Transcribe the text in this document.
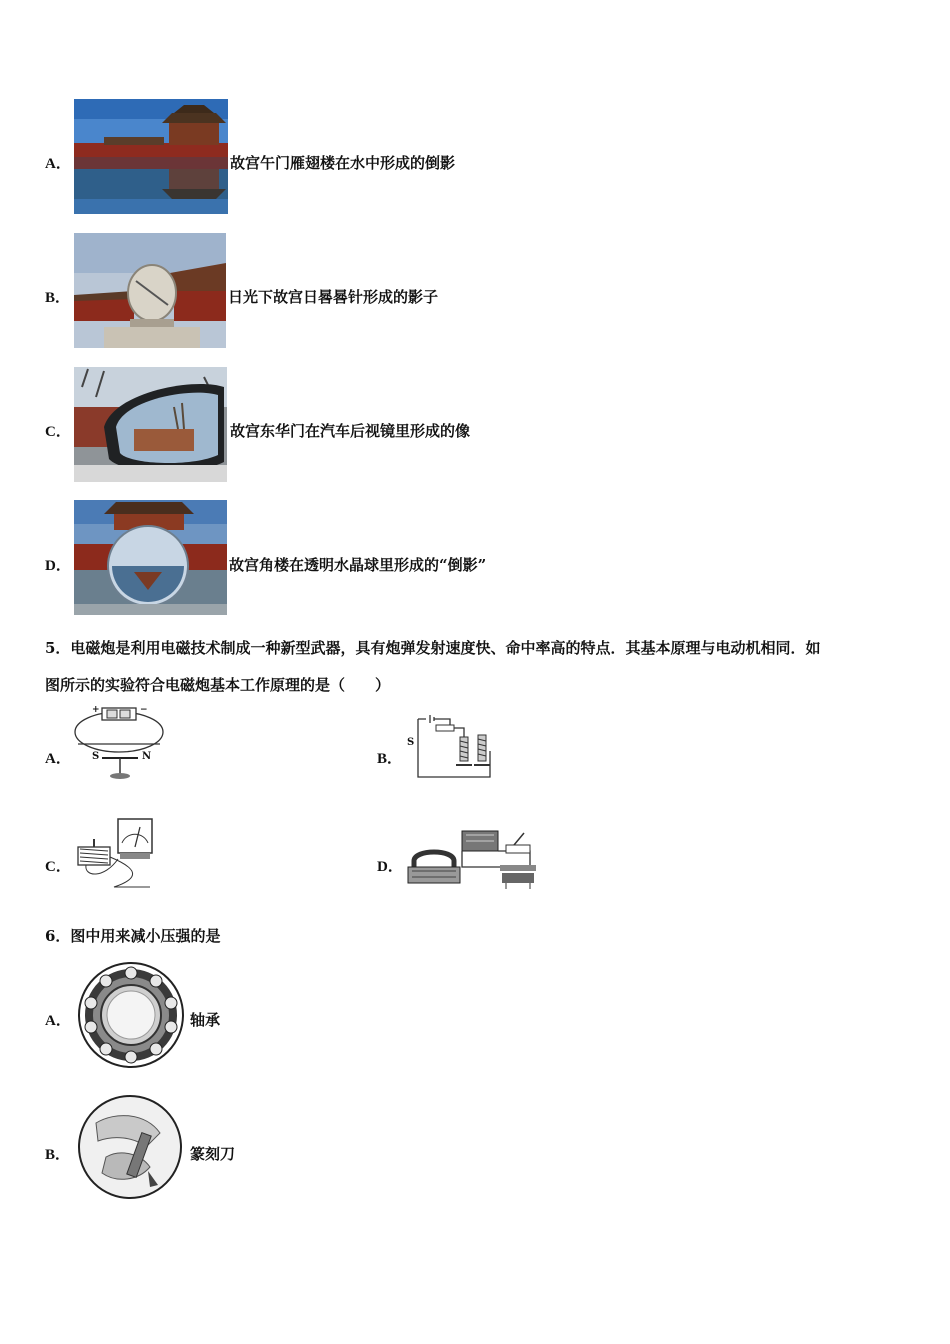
A．	故宫午门雁翅楼在水中形成的倒影
B．	日光下故宫日晷晷针形成的影子
C．	故宫东华门在汽车后视镜里形成的像
D．	故宫角楼在透明水晶球里形成的“倒影”
5．电磁炮是利用电磁技术制成一种新型武器，具有炮弹发射速度快、命中率高的特点．其基本原理与电动机相同．如
图所示的实验符合电磁炮基本工作原理的是（　　）
A．
+	−
S	N	B．
S
C．	D．
6．图中用来减小压强的是
A．	轴承
B．	篆刻刀
